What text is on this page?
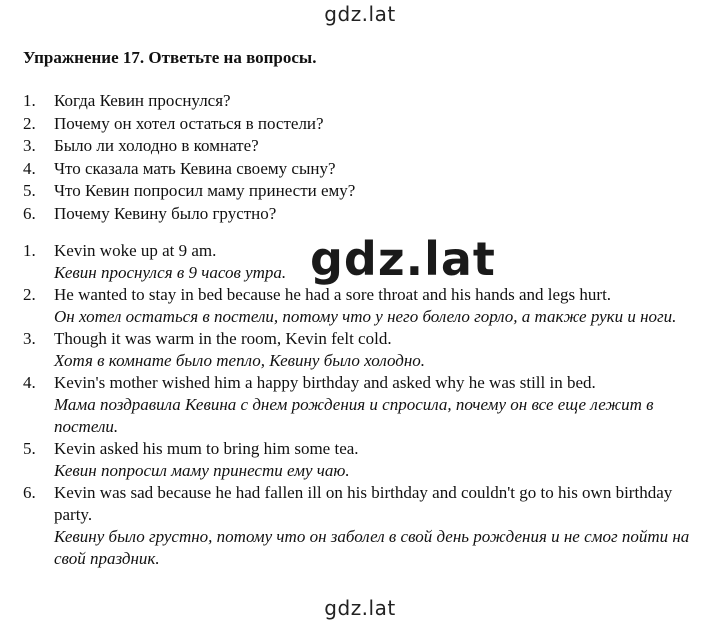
gdz.lat
Упражнение 17. Ответьте на вопросы.
1.	Когда Кевин проснулся?
2.	Почему он хотел остаться в постели?
3.	Было ли холодно в комнате?
4.	Что сказала мать Кевина своему сыну?
5.	Что Кевин попросил маму принести ему?
6.	Почему Кевину было грустно?
1.	Kevin woke up at 9 am.
Кевин проснулся в 9 часов утра.
2.	He wanted to stay in bed because he had a sore throat and his hands and legs hurt.
Он хотел остаться в постели, потому что у него болело горло, а также руки и ноги.
3.	Though it was warm in the room, Kevin felt cold.
Хотя в комнате было тепло, Кевину было холодно.
4.	Kevin's mother wished him a happy birthday and asked why he was still in bed.
Мама поздравила Кевина с днем рождения и спросила, почему он все еще лежит в постели.
5.	Kevin asked his mum to bring him some tea.
Кевин попросил маму принести ему чаю.
6.	Kevin was sad because he had fallen ill on his birthday and couldn't go to his own birthday party.
Кевину было грустно, потому что он заболел в свой день рождения и не смог пойти на свой праздник.
gdz.lat
gdz.lat
